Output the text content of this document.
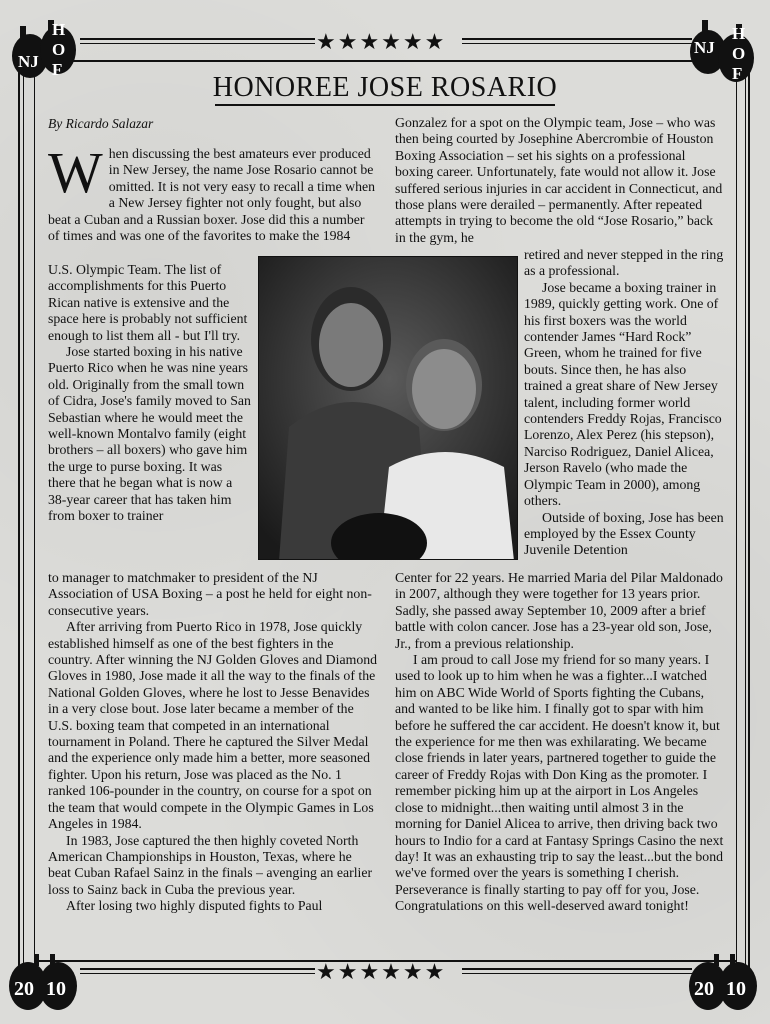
★★★★★★
★★★★★★
H
O
F
NJ
NJ
H
O
F
20 10	20 10
HONOREE JOSE ROSARIO
By Ricardo Salazar
W hen discussing the best amateurs ever produced in New Jersey, the name Jose Rosario cannot be omitted. It is not very easy to recall a time when a New Jersey fighter not only fought, but also beat a Cuban and a Russian boxer. Jose did this a number of times and was one of the favorites to make the 1984

U.S. Olympic Team. The list of accomplishments for this Puerto Rican native is extensive and the space here is probably not sufficient enough to list them all - but I'll try.

Jose started boxing in his native Puerto Rico when he was nine years old. Originally from the small town of Cidra, Jose's family moved to San Sebastian where he would meet the well-known Montalvo family (eight brothers – all boxers) who gave him the urge to purse boxing. It was there that he began what is now a 38-year career that has taken him from boxer to trainer

to manager to matchmaker to president of the NJ Association of USA Boxing – a post he held for eight non-consecutive years.

After arriving from Puerto Rico in 1978, Jose quickly established himself as one of the best fighters in the country. After winning the NJ Golden Gloves and Diamond Gloves in 1980, Jose made it all the way to the finals of the National Golden Gloves, where he lost to Jesse Benavides in a very close bout. Jose later became a member of the U.S. boxing team that competed in an international tournament in Poland. There he captured the Silver Medal and the experience only made him a better, more seasoned fighter. Upon his return, Jose was placed as the No. 1 ranked 106-pounder in the country, on course for a spot on the team that would compete in the Olympic Games in Los Angeles in 1984.

In 1983, Jose captured the then highly coveted North American Championships in Houston, Texas, where he beat Cuban Rafael Sainz in the finals – avenging an earlier loss to Sainz back in Cuba the previous year.

After losing two highly disputed fights to Paul

Gonzalez for a spot on the Olympic team, Jose – who was then being courted by Josephine Abercrombie of Houston Boxing Association – set his sights on a professional boxing career. Unfortunately, fate would not allow it. Jose suffered serious injuries in car accident in Connecticut, and those plans were derailed – permanently. After repeated attempts in trying to become the old “Jose Rosario,” back in the gym, he

retired and never stepped in the ring as a professional.

Jose became a boxing trainer in 1989, quickly getting work. One of his first boxers was the world contender James “Hard Rock” Green, whom he trained for five bouts. Since then, he has also trained a great share of New Jersey talent, including former world contenders Freddy Rojas, Francisco Lorenzo, Alex Perez (his stepson), Narciso Rodriguez, Daniel Alicea, Jerson Ravelo (who made the Olympic Team in 2000), among others.

Outside of boxing, Jose has been employed by the Essex County Juvenile Detention

Center for 22 years. He married Maria del Pilar Maldonado in 2007, although they were together for 13 years prior. Sadly, she passed away September 10, 2009 after a brief battle with colon cancer. Jose has a 23-year old son, Jose, Jr., from a previous relationship.

I am proud to call Jose my friend for so many years. I used to look up to him when he was a fighter...I watched him on ABC Wide World of Sports fighting the Cubans, and wanted to be like him. I finally got to spar with him before he suffered the car accident. He doesn't know it, but the experience for me then was exhilarating. We became close friends in later years, partnered together to guide the career of Freddy Rojas with Don King as the promoter. I remember picking him up at the airport in Los Angeles close to midnight...then waiting until almost 3 in the morning for Daniel Alicea to arrive, then driving back two hours to Indio for a card at Fantasy Springs Casino the next day! It was an exhausting trip to say the least...but the bond we've formed over the years is something I cherish. Perseverance is finally starting to pay off for you, Jose. Congratulations on this well-deserved award tonight!
